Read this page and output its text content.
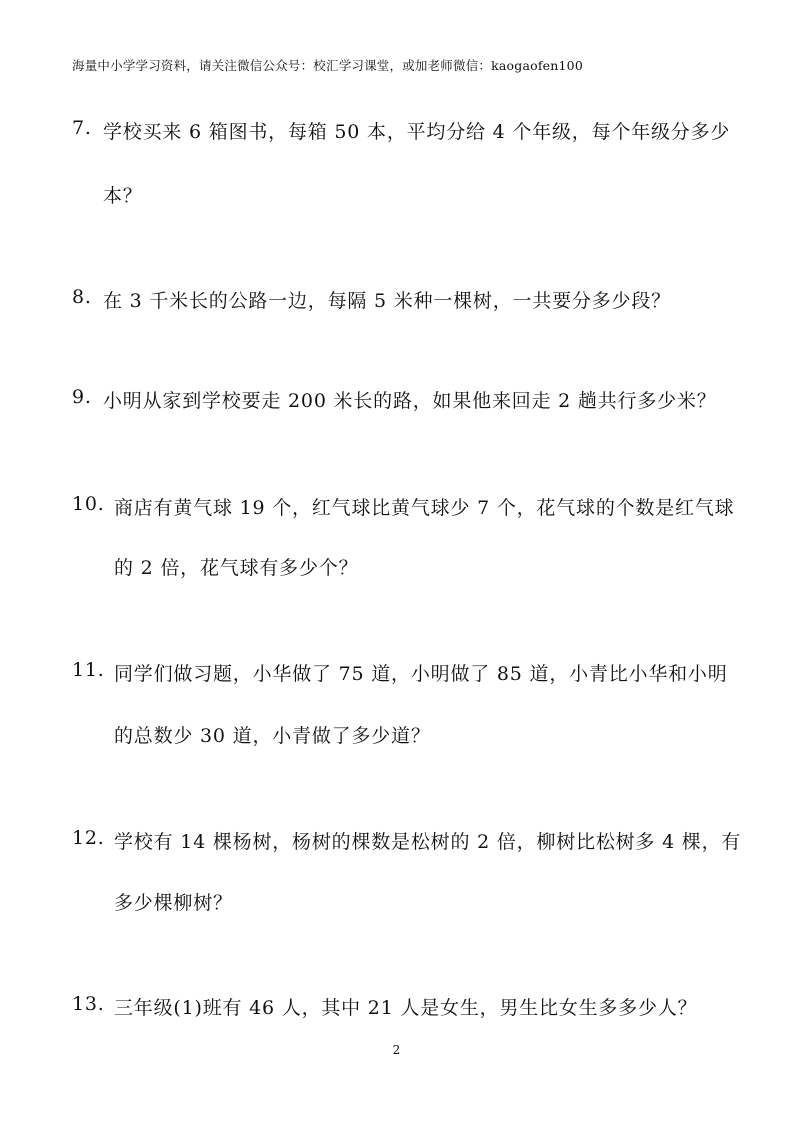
海量中小学学习资料，请关注微信公众号：校汇学习课堂，或加老师微信：kaogaofen100
7. 学校买来 6 箱图书，每箱 50 本，平均分给 4 个年级，每个年级分多少
本？
8. 在 3 千米长的公路一边，每隔 5 米种一棵树，一共要分多少段？
9. 小明从家到学校要走 200 米长的路，如果他来回走 2 趟共行多少米？
10. 商店有黄气球 19 个，红气球比黄气球少 7 个，花气球的个数是红气球
的 2 倍，花气球有多少个？
11. 同学们做习题，小华做了 75 道，小明做了 85 道，小青比小华和小明
的总数少 30 道，小青做了多少道？
12. 学校有 14 棵杨树，杨树的棵数是松树的 2 倍，柳树比松树多 4 棵，有
多少棵柳树？
13. 三年级(1)班有 46 人，其中 21 人是女生，男生比女生多多少人？
2
